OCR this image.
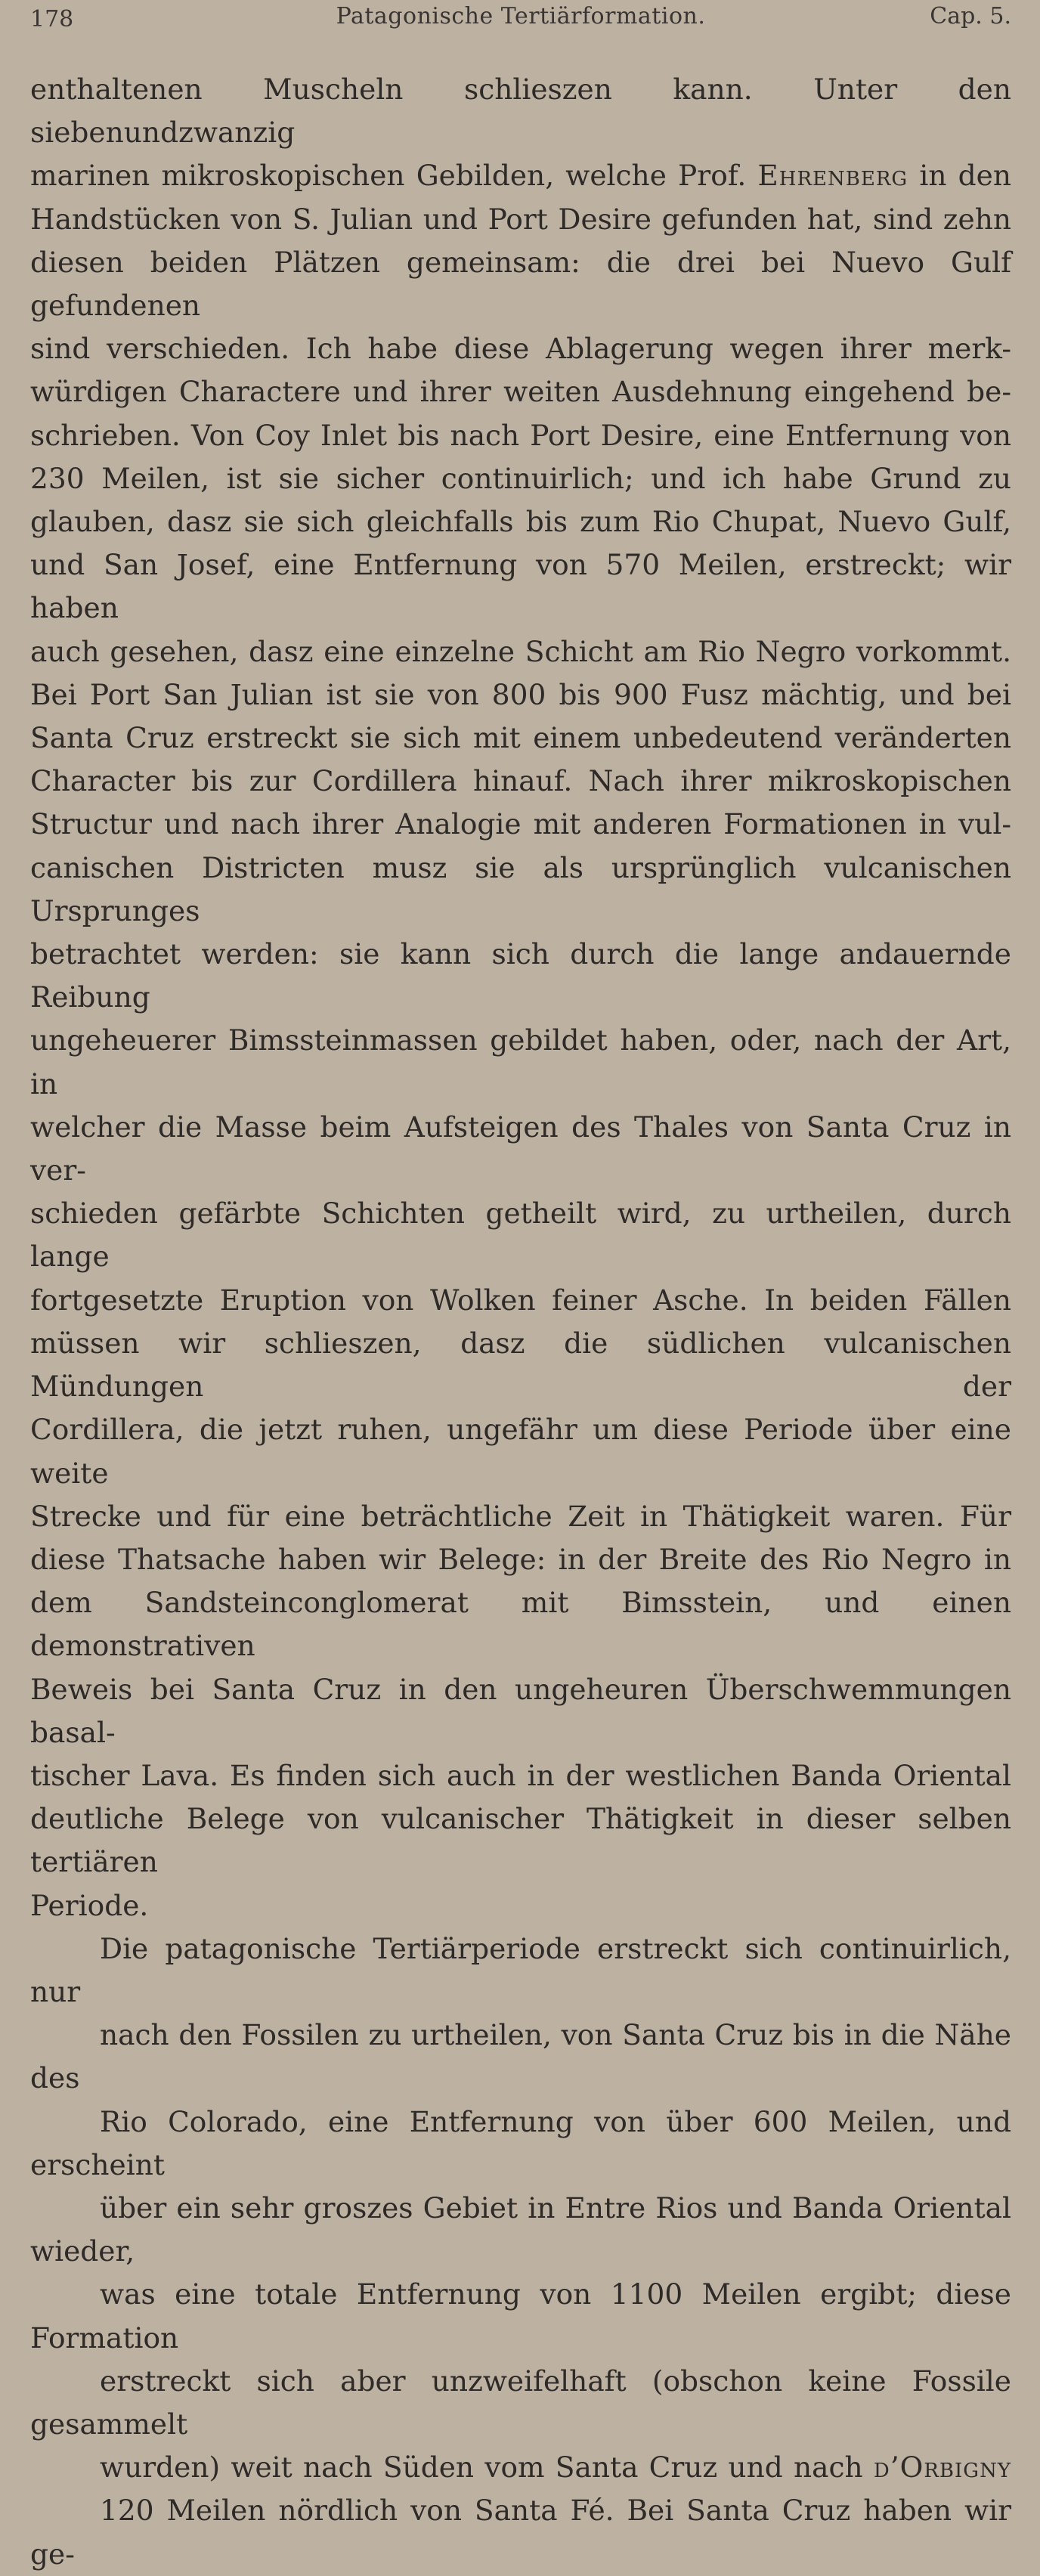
178	Patagonische Tertiärformation.	Cap. 5.

enthaltenen Muscheln schlieszen kann. Unter den siebenundzwanzig
marinen mikroskopischen Gebilden, welche Prof. Ehrenberg in den
Handstücken von S. Julian und Port Desire gefunden hat, sind zehn
diesen beiden Plätzen gemeinsam: die drei bei Nuevo Gulf gefundenen
sind verschieden. Ich habe diese Ablagerung wegen ihrer merk-
würdigen Charactere und ihrer weiten Ausdehnung eingehend be-
schrieben. Von Coy Inlet bis nach Port Desire, eine Entfernung von
230 Meilen, ist sie sicher continuirlich; und ich habe Grund zu
glauben, dasz sie sich gleichfalls bis zum Rio Chupat, Nuevo Gulf,
und San Josef, eine Entfernung von 570 Meilen, erstreckt; wir haben
auch gesehen, dasz eine einzelne Schicht am Rio Negro vorkommt.
Bei Port San Julian ist sie von 800 bis 900 Fusz mächtig, und bei
Santa Cruz erstreckt sie sich mit einem unbedeutend veränderten
Character bis zur Cordillera hinauf. Nach ihrer mikroskopischen
Structur und nach ihrer Analogie mit anderen Formationen in vul-
canischen Districten musz sie als ursprünglich vulcanischen Ursprunges
betrachtet werden: sie kann sich durch die lange andauernde Reibung
ungeheuerer Bimssteinmassen gebildet haben, oder, nach der Art, in
welcher die Masse beim Aufsteigen des Thales von Santa Cruz in ver-
schieden gefärbte Schichten getheilt wird, zu urtheilen, durch lange
fortgesetzte Eruption von Wolken feiner Asche. In beiden Fällen
müssen wir schlieszen, dasz die südlichen vulcanischen Mündungen der
Cordillera, die jetzt ruhen, ungefähr um diese Periode über eine weite
Strecke und für eine beträchtliche Zeit in Thätigkeit waren. Für
diese Thatsache haben wir Belege: in der Breite des Rio Negro in
dem Sandsteinconglomerat mit Bimsstein, und einen demonstrativen
Beweis bei Santa Cruz in den ungeheuren Überschwemmungen basal-
tischer Lava. Es finden sich auch in der westlichen Banda Oriental
deutliche Belege von vulcanischer Thätigkeit in dieser selben tertiären
Periode.

Die patagonische Tertiärperiode erstreckt sich continuirlich, nur
nach den Fossilen zu urtheilen, von Santa Cruz bis in die Nähe des
Rio Colorado, eine Entfernung von über 600 Meilen, und erscheint
über ein sehr groszes Gebiet in Entre Rios und Banda Oriental wieder,
was eine totale Entfernung von 1100 Meilen ergibt; diese Formation
erstreckt sich aber unzweifelhaft (obschon keine Fossile gesammelt
wurden) weit nach Süden vom Santa Cruz und nach d’Orbigny
120 Meilen nördlich von Santa Fé. Bei Santa Cruz haben wir ge-
